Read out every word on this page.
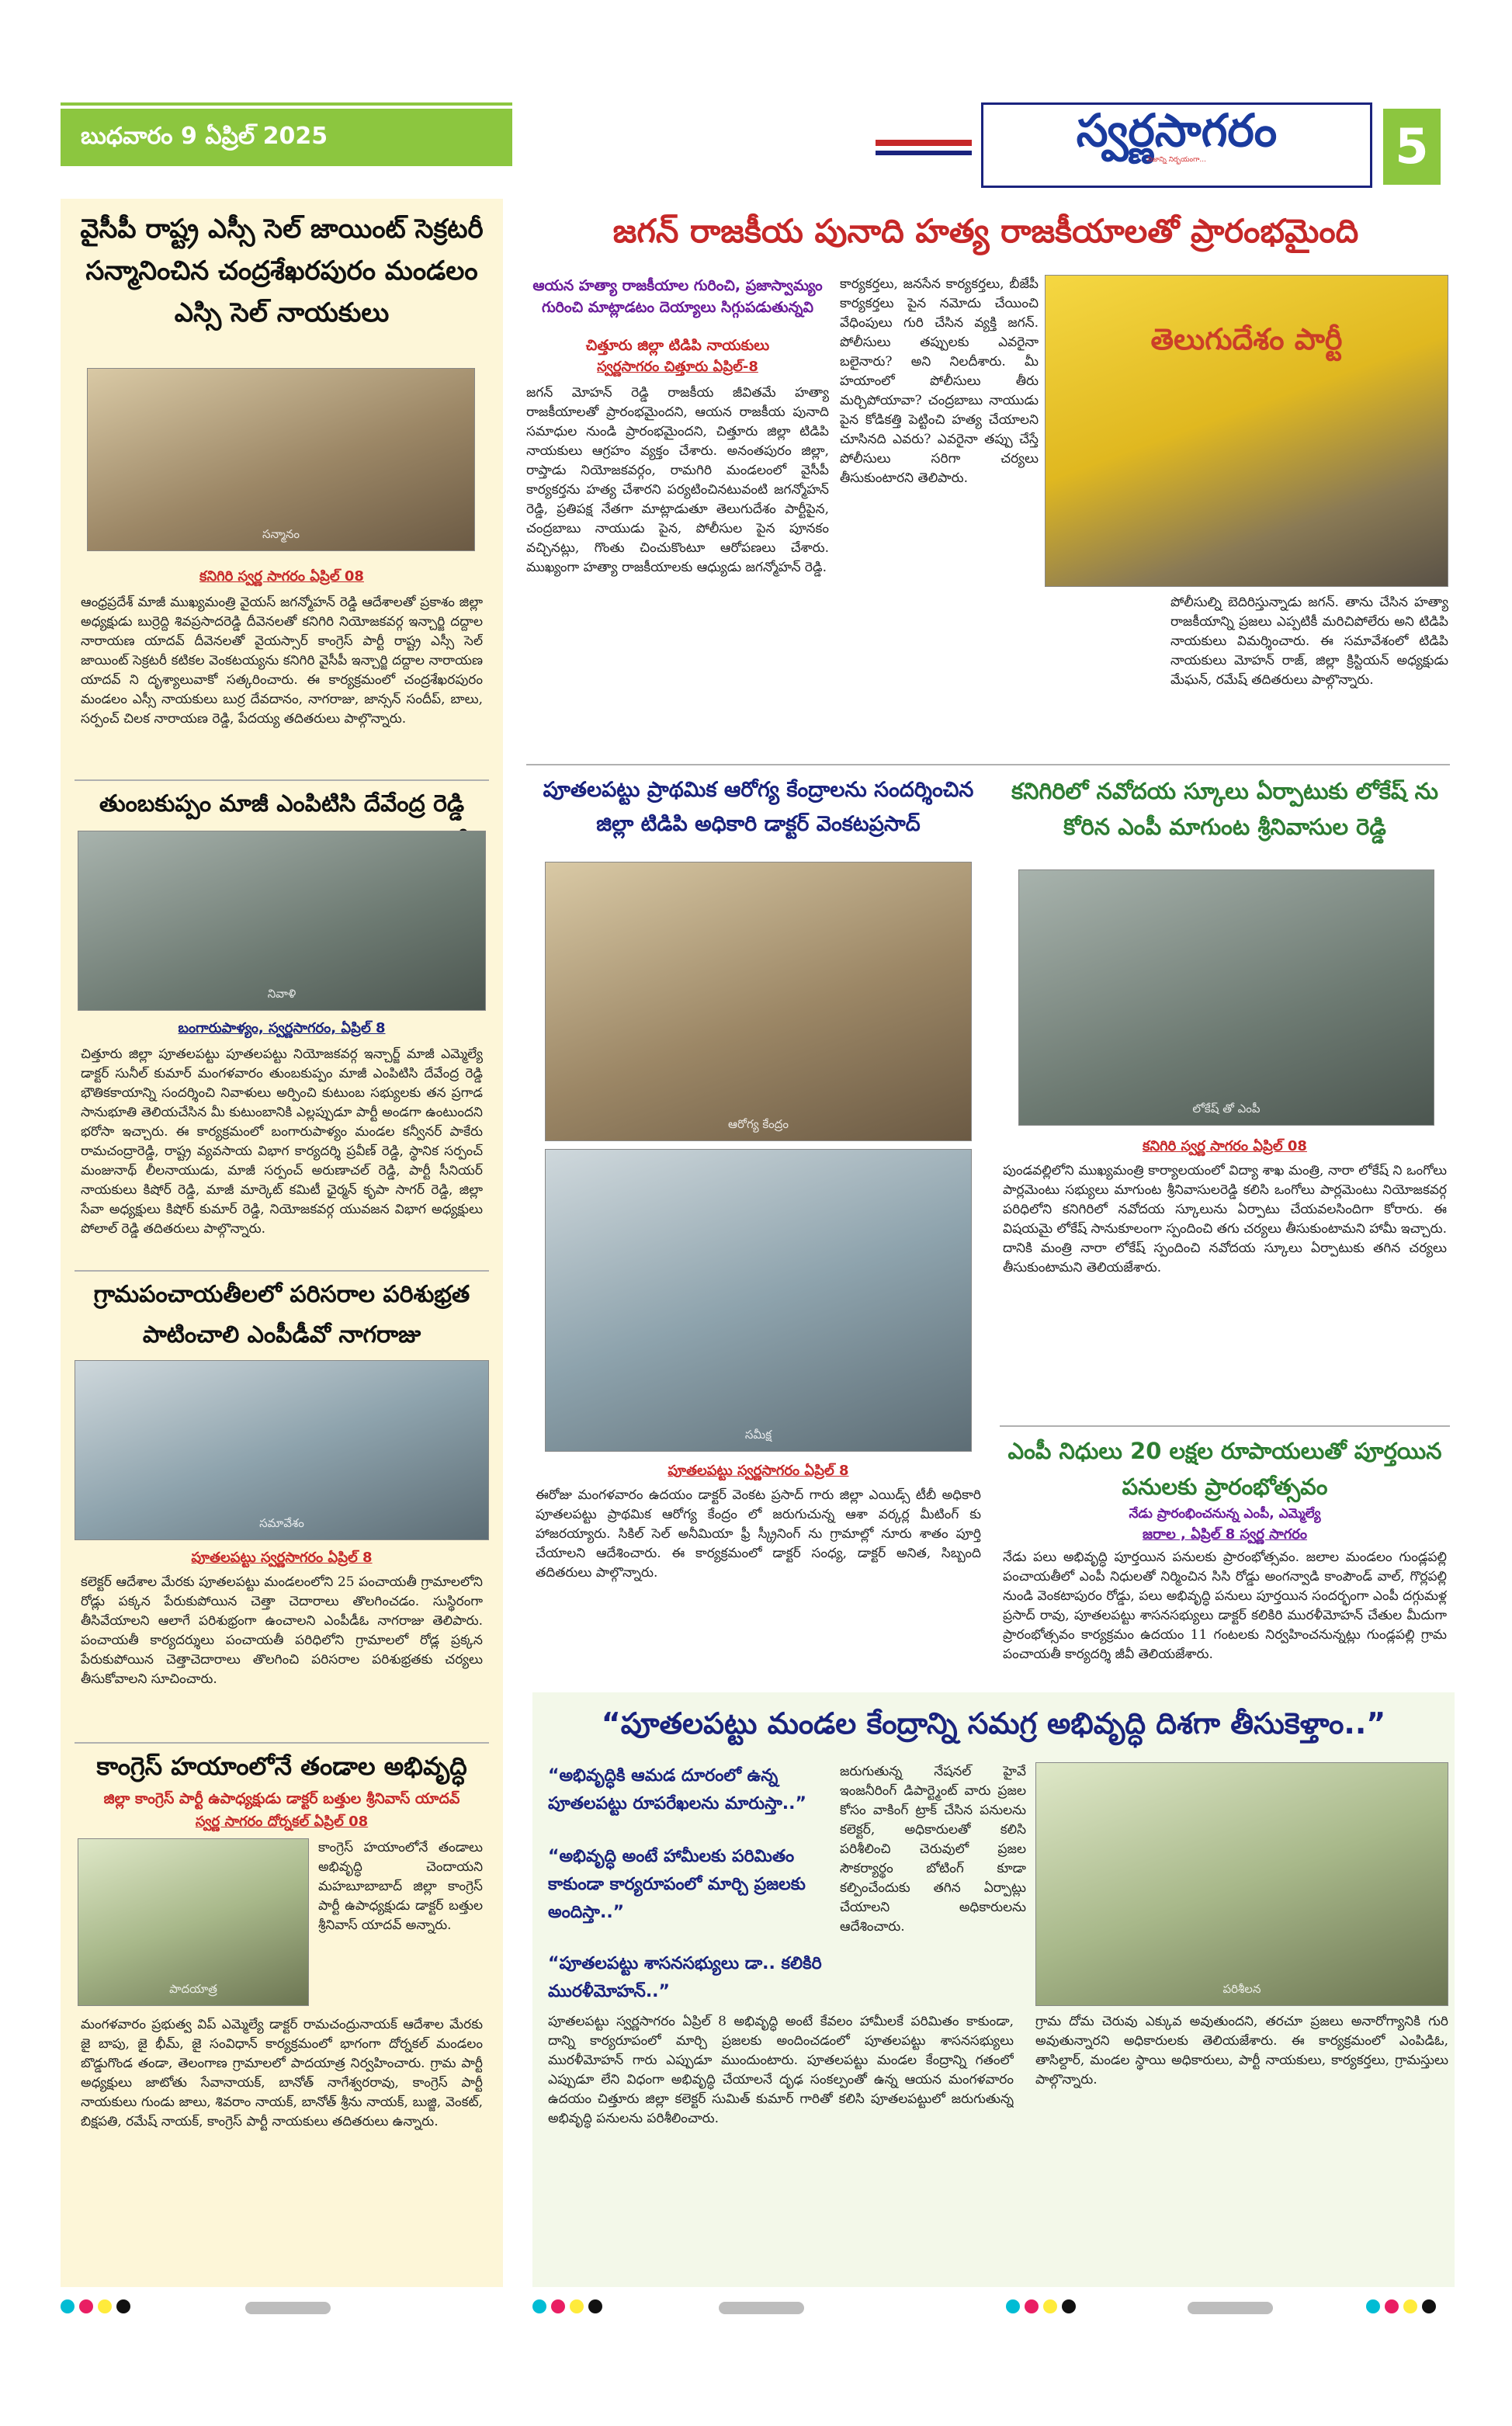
బుధవారం 9 ఏప్రిల్ 2025	స్వర్ణసాగరం
నిజాన్ని నిర్భయంగా...	5
వైసీపీ రాష్ట్ర ఎస్సీ సెల్ జాయింట్ సెక్రటరీ సన్మానించిన చంద్రశేఖరపురం మండలం ఎస్సి సెల్ నాయకులు
సన్మానం
కనిగిరి స్వర్ణ సాగరం ఏప్రిల్ 08
ఆంధ్రప్రదేశ్ మాజీ ముఖ్యమంత్రి వైయస్ జగన్మోహన్ రెడ్డి ఆదేశాలతో ప్రకాశం జిల్లా అధ్యక్షుడు బుర్రెద్ది శివప్రసాదరెడ్డి దీవెనలతో కనిగిరి నియోజకవర్గ ఇన్చార్జి దద్దాల నారాయణ యాదవ్ దీవెనలతో వైయస్సార్ కాంగ్రెస్ పార్టీ రాష్ట్ర ఎస్సీ సెల్ జాయింట్ సెక్రటరీ కటికల వెంకటయ్యను కనిగిరి వైసీపీ ఇన్చార్జి దద్దాల నారాయణ యాదవ్ ని దృశ్యాలువాకో సత్కరించారు. ఈ కార్యక్రమంలో చంద్రశేఖరపురం మండలం ఎస్సీ నాయకులు బుర్ర దేవదానం, నాగరాజు, జాన్సన్ సందీప్, బాలు, సర్పంచ్ చిలక నారాయణ రెడ్డి, పేదయ్య తదితరులు పాల్గొన్నారు.
తుంబకుప్పం మాజీ ఎంపిటిసి దేవేంద్ర రెడ్డి
నివాళి
బంగారుపాళ్యం, స్వర్ణసాగరం, ఏప్రిల్ 8
చిత్తూరు జిల్లా పూతలపట్టు పూతలపట్టు నియోజకవర్గ ఇన్చార్జ్ మాజీ ఎమ్మెల్యే డాక్టర్ సునీల్ కుమార్ మంగళవారం తుంబకుప్పం మాజీ ఎంపిటిసి దేవేంద్ర రెడ్డి భౌతికకాయాన్ని సందర్శించి నివాళులు అర్పించి కుటుంబ సభ్యులకు తన ప్రగాడ సానుభూతి తెలియచేసిన మీ కుటుంబానికి ఎల్లప్పుడూ పార్టీ అండగా ఉంటుందని భరోసా ఇచ్చారు. ఈ కార్యక్రమంలో బంగారుపాళ్యం మండల కన్వీనర్ పాకేరు రామచంద్రారెడ్డి, రాష్ట్ర వ్యవసాయ విభాగ కార్యదర్శి ప్రవీణ్ రెడ్డి, స్థానిక సర్పంచ్ మంజునాథ్ లీలనాయుడు, మాజీ సర్పంచ్ అరుణాచల్ రెడ్డి, పార్టీ సీనియర్ నాయకులు కిషోర్ రెడ్డి, మాజీ మార్కెట్ కమిటీ ఛైర్మన్ కృపా సాగర్ రెడ్డి, జిల్లా సేవా అధ్యక్షులు కిషోర్ కుమార్ రెడ్డి, నియోజకవర్గ యువజన విభాగ అధ్యక్షులు పోలాల్ రెడ్డి తదితరులు పాల్గొన్నారు.
గ్రామపంచాయతీలలో పరిసరాల పరిశుభ్రత పాటించాలి ఎంపీడీవో నాగరాజు
సమావేశం
పూతలపట్టు స్వర్ణసాగరం ఏప్రిల్ 8
కలెక్టర్ ఆదేశాల మేరకు పూతలపట్టు మండలంలోని 25 పంచాయతీ గ్రామాలలోని రోడ్లు పక్కన పేరుకుపోయిన చెత్తా చెదారాలు తొలగించడం. సుస్థిరంగా తీసివేయాలని ఆలాగే పరిశుభ్రంగా ఉంచాలని ఎంపీడీఓ నాగరాజు తెలిపారు. పంచాయతీ కార్యదర్శులు పంచాయతీ పరిధిలోని గ్రామాలలో రోడ్ల ప్రక్కన పేరుకుపోయిన చెత్తాచెదారాలు తొలగించి పరిసరాల పరిశుభ్రతకు చర్యలు తీసుకోవాలని సూచించారు.
కాంగ్రెస్ హయాంలోనే తండాల అభివృద్ధి
జిల్లా కాంగ్రెస్ పార్టీ ఉపాధ్యక్షుడు డాక్టర్ బత్తుల శ్రీనివాస్ యాదవ్
స్వర్ణ సాగరం దోర్నకల్ ఏప్రిల్ 08
పాదయాత్ర
కాంగ్రెస్ హయాంలోనే తండాలు అభివృద్ధి చెందాయని మహబూబాబాద్ జిల్లా కాంగ్రెస్ పార్టీ ఉపాధ్యక్షుడు డాక్టర్ బత్తుల శ్రీనివాస్ యాదవ్ అన్నారు.
మంగళవారం ప్రభుత్వ విప్ ఎమ్మెల్యే డాక్టర్ రామచంద్రునాయక్ ఆదేశాల మేరకు జై బాపు, జై భీమ్, జై సంవిధాన్ కార్యక్రమంలో భాగంగా దోర్నకల్ మండలం బొడ్డుగొండ తండా, తెలంగాణ గ్రామాలలో పాదయాత్ర నిర్వహించారు. గ్రామ పార్టీ అధ్యక్షులు జాటోతు సేవానాయక్, బానోత్ నాగేశ్వరరావు, కాంగ్రెస్ పార్టీ నాయకులు గుండు జాలు, శివరాం నాయక్, బానోత్ శ్రీను నాయక్, బుజ్జి, వెంకట్, బిక్షపతి, రమేష్ నాయక్, కాంగ్రెస్ పార్టీ నాయకులు తదితరులు ఉన్నారు.
జగన్ రాజకీయ పునాది హత్య రాజకీయాలతో ప్రారంభమైంది
ఆయన హత్యా రాజకీయాల గురించి, ప్రజాస్వామ్యం గురించి మాట్లాడటం దెయ్యాలు సిగ్గుపడుతున్నవి
చిత్తూరు జిల్లా టిడిపి నాయకులు
స్వర్ణసాగరం చిత్తూరు ఏప్రిల్-8
జగన్ మోహన్ రెడ్డి రాజకీయ జీవితమే హత్యా రాజకీయాలతో ప్రారంభమైందని, ఆయన రాజకీయ పునాది సమాధుల నుండి ప్రారంభమైందని, చిత్తూరు జిల్లా టిడిపి నాయకులు ఆగ్రహం వ్యక్తం చేశారు. అనంతపురం జిల్లా, రాప్తాడు నియోజకవర్గం, రామగిరి మండలంలో వైసీపీ కార్యకర్తను హత్య చేశారని పర్యటించినటువంటి జగన్మోహన్ రెడ్డి, ప్రతిపక్ష నేతగా మాట్లాడుతూ తెలుగుదేశం పార్టీపైన, చంద్రబాబు నాయుడు పైన, పోలీసుల పైన పూనకం వచ్చినట్లు, గొంతు చించుకొంటూ ఆరోపణలు చేశారు. ముఖ్యంగా హత్యా రాజకీయాలకు ఆధ్యుడు జగన్మోహన్ రెడ్డి.
కార్యకర్తలు, జనసేన కార్యకర్తలు, బీజేపీ కార్యకర్తలు పైన నమోదు చేయించి వేధింపులు గురి చేసిన వ్యక్తి జగన్. పోలీసులు తప్పులకు ఎవరైనా బలైనారు? అని నిలదీశారు. మీ హయాంలో పోలీసులు తీరు మర్చిపోయావా? చంద్రబాబు నాయుడు పైన కోడికత్తి పెట్టించి హత్య చేయాలని చూసినది ఎవరు? ఎవరైనా తప్పు చేస్తే పోలీసులు సరిగా చర్యలు తీసుకుంటారని తెలిపారు.
తెలుగుదేశం పార్టీ
పోలీసుల్ని బెదిరిస్తున్నాడు జగన్. తాను చేసిన హత్యా రాజకీయాన్ని ప్రజలు ఎప్పటికీ మరిచిపోలేరు అని టిడిపి నాయకులు విమర్శించారు. ఈ సమావేశంలో టిడిపి నాయకులు మోహన్ రాజ్, జిల్లా క్రిస్టియన్ అధ్యక్షుడు మేఘన్, రమేష్ తదితరులు పాల్గొన్నారు.
పూతలపట్టు ప్రాథమిక ఆరోగ్య కేంద్రాలను సందర్శించిన జిల్లా టిడిపి అధికారి డాక్టర్ వెంకటప్రసాద్
ఆరోగ్య కేంద్రం
సమీక్ష
పూతలపట్టు స్వర్ణసాగరం ఏప్రిల్ 8
ఈరోజు మంగళవారం ఉదయం డాక్టర్ వెంకట ప్రసాద్ గారు జిల్లా ఎయిడ్స్ టీబీ అధికారి పూతలపట్టు ప్రాథమిక ఆరోగ్య కేంద్రం లో జరుగుచున్న ఆశా వర్కర్ల మీటింగ్ కు హాజరయ్యారు. సికిల్ సెల్ అనీమియా ఫ్రీ స్క్రీనింగ్ ను గ్రామాల్లో నూరు శాతం పూర్తి చేయాలని ఆదేశించారు. ఈ కార్యక్రమంలో డాక్టర్ సంధ్య, డాక్టర్ అనిత, సిబ్బంది తదితరులు పాల్గొన్నారు.
కనిగిరిలో నవోదయ స్కూలు ఏర్పాటుకు లోకేష్ ను కోరిన ఎంపీ మాగుంట శ్రీనివాసుల రెడ్డి
లోకేష్ తో ఎంపీ
కనిగిరి స్వర్ణ సాగరం ఏప్రిల్ 08
పుండవల్లిలోని ముఖ్యమంత్రి కార్యాలయంలో విద్యా శాఖ మంత్రి, నారా లోకేష్ ని ఒంగోలు పార్లమెంటు సభ్యులు మాగుంట శ్రీనివాసులరెడ్డి కలిసి ఒంగోలు పార్లమెంటు నియోజకవర్గ పరిధిలోని కనిగిరిలో నవోదయ స్కూలును ఏర్పాటు చేయవలసిందిగా కోరారు. ఈ విషయమై లోకేష్ సానుకూలంగా స్పందించి తగు చర్యలు తీసుకుంటామని హామీ ఇచ్చారు. దానికి మంత్రి నారా లోకేష్ స్పందించి నవోదయ స్కూలు ఏర్పాటుకు తగిన చర్యలు తీసుకుంటామని తెలియజేశారు.
ఎంపీ నిధులు 20 లక్షల రూపాయలుతో పూర్తయిన పనులకు ప్రారంభోత్సవం
నేడు ప్రారంభించనున్న ఎంపీ, ఎమ్మెల్యే
జరాల , ఏప్రిల్ 8 స్వర్ణ సాగరం
నేడు పలు అభివృద్ధి పూర్తయిన పనులకు ప్రారంభోత్సవం. జలాల మండలం గుండ్లపల్లి పంచాయతీలో ఎంపీ నిధులతో నిర్మించిన సిసి రోడ్డు అంగన్వాడి కాంపౌండ్ వాల్, గొర్లపల్లి నుండి వెంకటాపురం రోడ్డు, పలు అభివృద్ధి పనులు పూర్తయిన సందర్భంగా ఎంపీ దగ్గుమళ్ల ప్రసాద్ రావు, పూతలపట్టు శాసనసభ్యులు డాక్టర్ కలికిరి మురళీమోహన్ చేతుల మీదుగా ప్రారంభోత్సవం కార్యక్రమం ఉదయం 11 గంటలకు నిర్వహించనున్నట్లు గుండ్లపల్లి గ్రామ పంచాయతీ కార్యదర్శి జీవీ తెలియజేశారు.
“పూతలపట్టు మండల కేంద్రాన్ని సమగ్ర అభివృద్ధి దిశగా తీసుకెళ్తాం..”
“అభివృద్ధికి ఆమడ దూరంలో ఉన్న పూతలపట్టు రూపరేఖలను మారుస్తా..”
“అభివృద్ధి అంటే హామీలకు పరిమితం కాకుండా కార్యరూపంలో మార్చి ప్రజలకు అందిస్తా..”
“పూతలపట్టు శాసనసభ్యులు డా.. కలికిరి మురళీమోహన్..”
జరుగుతున్న నేషనల్ హైవే ఇంజనీరింగ్ డిపార్ట్మెంట్ వారు ప్రజల కోసం వాకింగ్ ట్రాక్ చేసిన పనులను కలెక్టర్, అధికారులతో కలిసి పరిశీలించి చెరువులో ప్రజల సౌకర్యార్థం బోటింగ్ కూడా కల్పించేందుకు తగిన ఏర్పాట్లు చేయాలని అధికారులను ఆదేశించారు.
పరిశీలన
పూతలపట్టు స్వర్ణసాగరం ఏప్రిల్ 8 అభివృద్ధి అంటే కేవలం హామీలకే పరిమితం కాకుండా, దాన్ని కార్యరూపంలో మార్చి ప్రజలకు అందించడంలో పూతలపట్టు శాసనసభ్యులు మురళీమోహన్ గారు ఎప్పుడూ ముందుంటారు. పూతలపట్టు మండల కేంద్రాన్ని గతంలో ఎప్పుడూ లేని విధంగా అభివృద్ధి చేయాలనే దృఢ సంకల్పంతో ఉన్న ఆయన మంగళవారం ఉదయం చిత్తూరు జిల్లా కలెక్టర్ సుమిత్ కుమార్ గారితో కలిసి పూతలపట్టులో జరుగుతున్న అభివృద్ధి పనులను పరిశీలించారు.
గ్రామ దోమ చెరువు ఎక్కువ అవుతుందని, తరచూ ప్రజలు అనారోగ్యానికి గురి అవుతున్నారని అధికారులకు తెలియజేశారు. ఈ కార్యక్రమంలో ఎంపిడిఓ, తాసిల్దార్, మండల స్థాయి అధికారులు, పార్టీ నాయకులు, కార్యకర్తలు, గ్రామస్తులు పాల్గొన్నారు.
